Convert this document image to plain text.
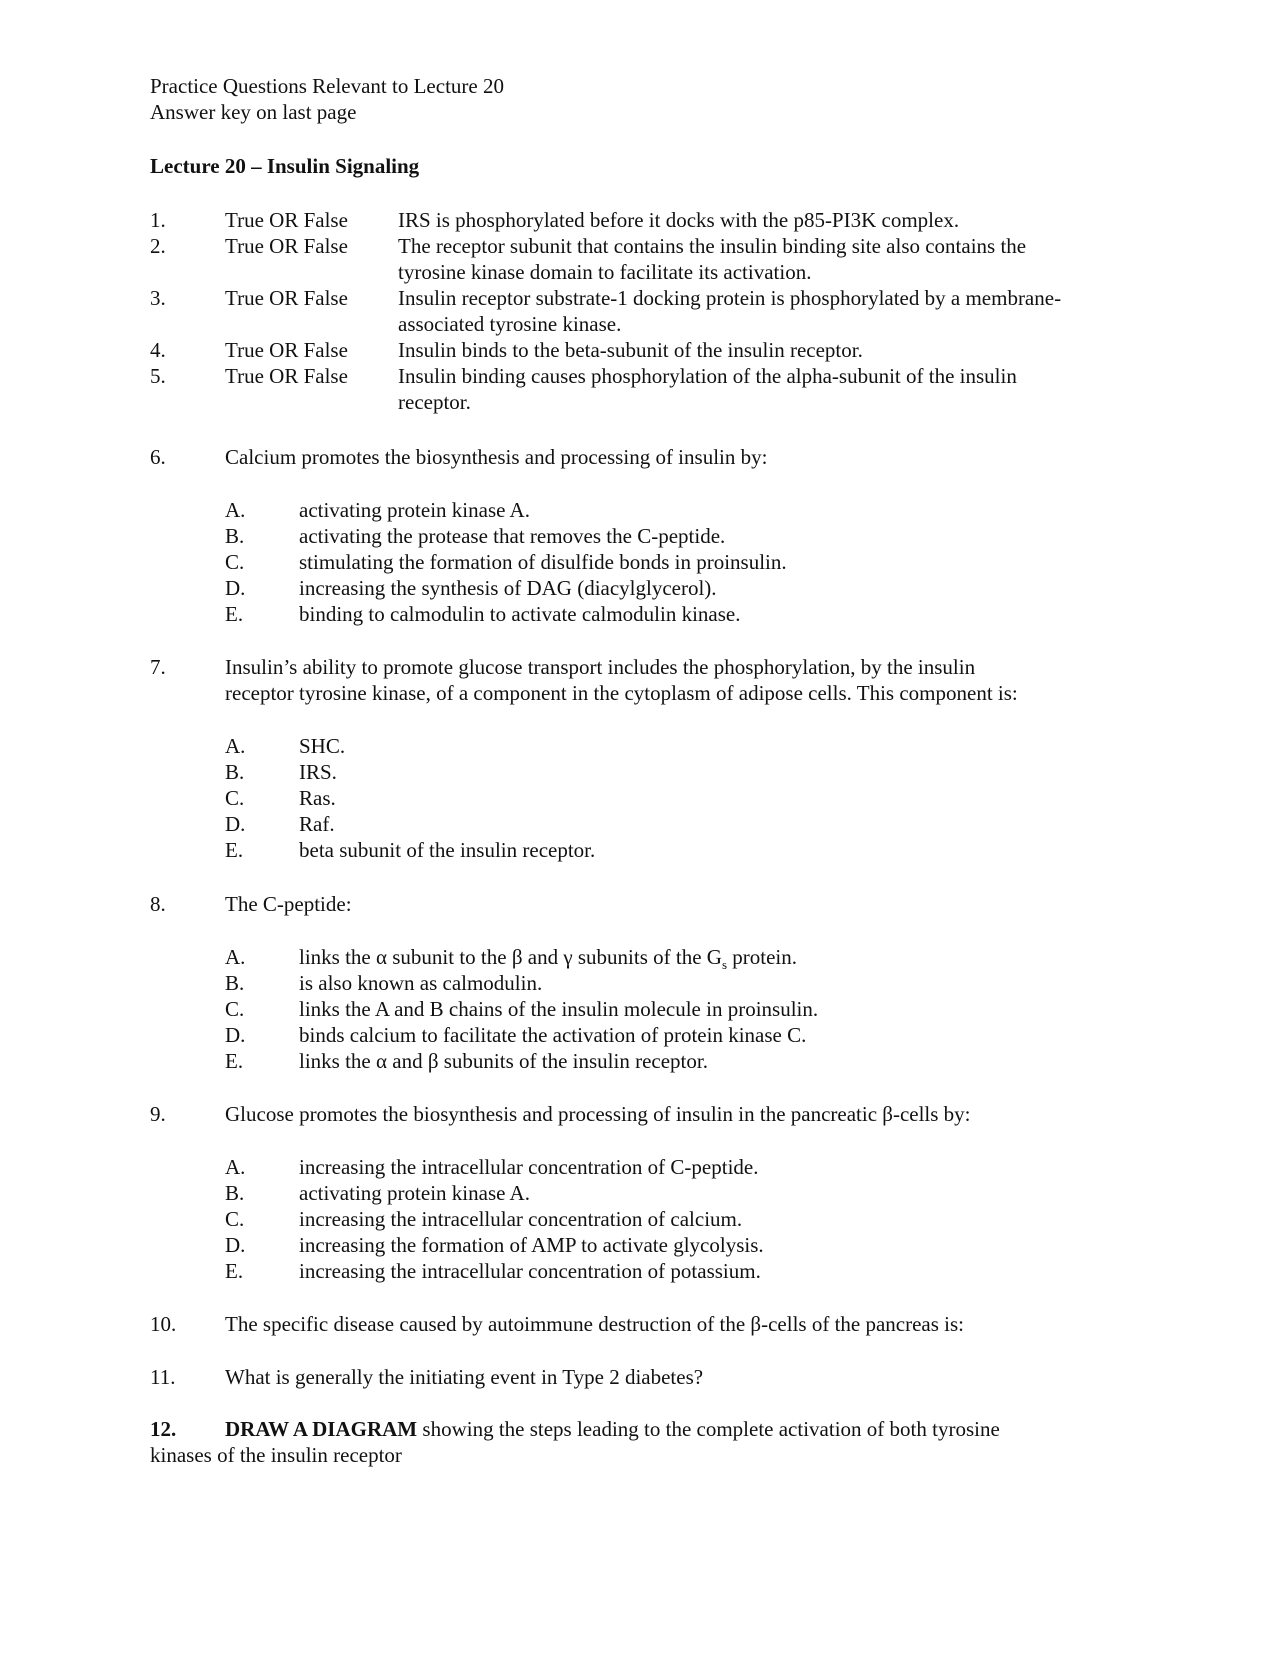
Practice Questions Relevant to Lecture 20
Answer key on last page
Lecture 20 – Insulin Signaling
1.	True OR False IRS is phosphorylated before it docks with the p85-PI3K complex.
2.	True OR False The receptor subunit that contains the insulin binding site also contains the
tyrosine kinase domain to facilitate its activation.
3.	True OR False Insulin receptor substrate-1 docking protein is phosphorylated by a membrane-
associated tyrosine kinase.
4.	True OR False Insulin binds to the beta-subunit of the insulin receptor.
5.	True OR False Insulin binding causes phosphorylation of the alpha-subunit of the insulin
receptor.
6.	Calcium promotes the biosynthesis and processing of insulin by:
A.	activating protein kinase A.
B.	activating the protease that removes the C-peptide.
C.	stimulating the formation of disulfide bonds in proinsulin.
D.	increasing the synthesis of DAG (diacylglycerol).
E.	binding to calmodulin to activate calmodulin kinase.
7.	Insulin’s ability to promote glucose transport includes the phosphorylation, by the insulin
receptor tyrosine kinase, of a component in the cytoplasm of adipose cells. This component is:
A.	SHC.
B.	IRS.
C.	Ras.
D.	Raf.
E.	beta subunit of the insulin receptor.
8.	The C-peptide:
A.	links the α subunit to the β and γ subunits of the $G_s$ protein.
B.	is also known as calmodulin.
C.	links the A and B chains of the insulin molecule in proinsulin.
D.	binds calcium to facilitate the activation of protein kinase C.
E.	links the α and β subunits of the insulin receptor.
9.	Glucose promotes the biosynthesis and processing of insulin in the pancreatic β-cells by:
A.	increasing the intracellular concentration of C-peptide.
B.	activating protein kinase A.
C.	increasing the intracellular concentration of calcium.
D.	increasing the formation of AMP to activate glycolysis.
E.	increasing the intracellular concentration of potassium.
10. The specific disease caused by autoimmune destruction of the β-cells of the pancreas is:
11. What is generally the initiating event in Type 2 diabetes?
12. DRAW A DIAGRAM showing the steps leading to the complete activation of both tyrosine
kinases of the insulin receptor
